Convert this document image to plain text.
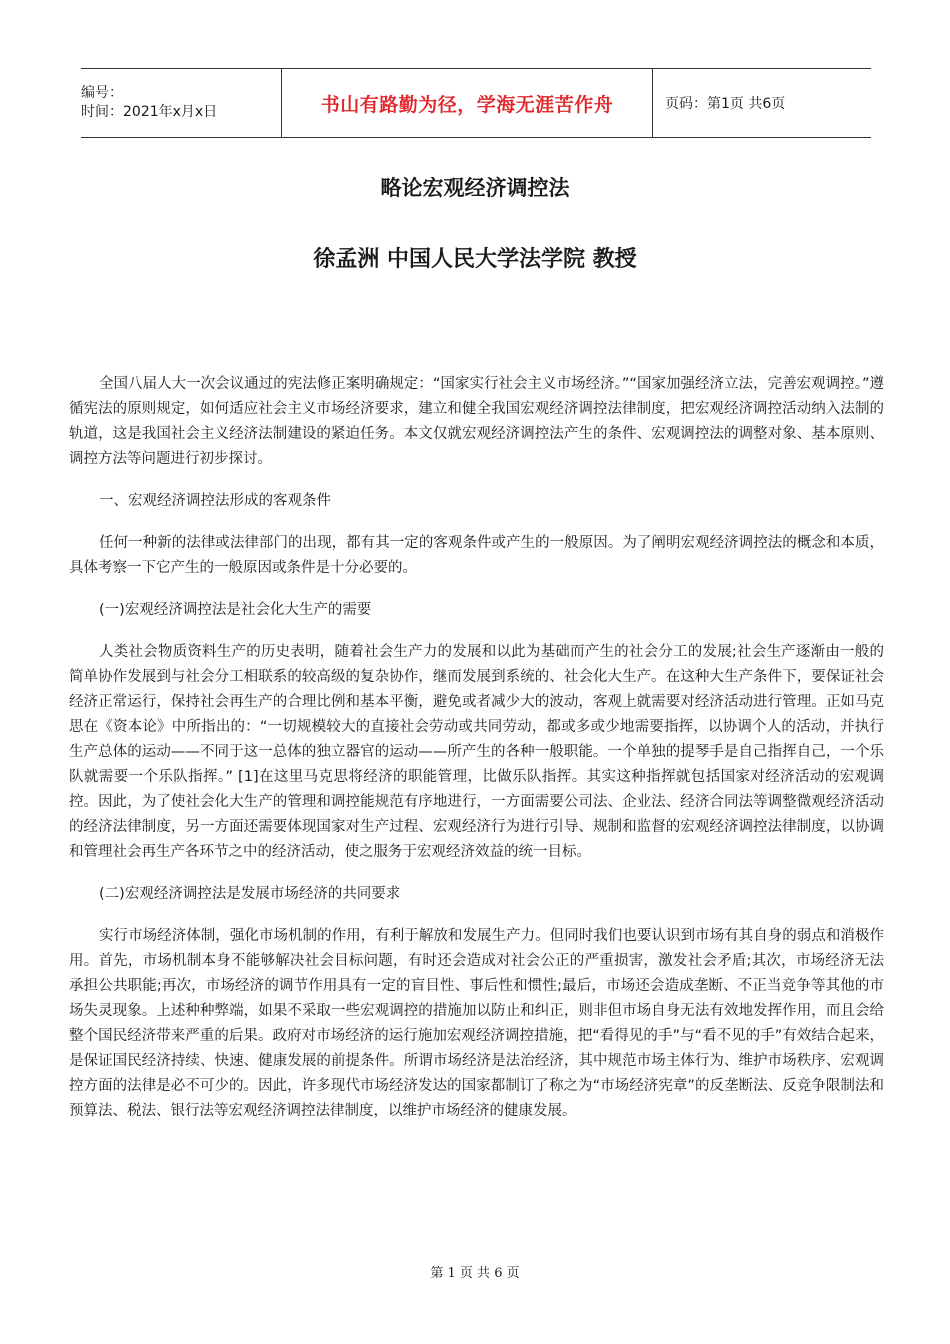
编号：
时间：2021年x月x日	书山有路勤为径，学海无涯苦作舟	页码：第1页 共6页
略论宏观经济调控法
徐孟洲 中国人民大学法学院 教授

全国八届人大一次会议通过的宪法修正案明确规定：“国家实行社会主义市场经济。”“国家加强经济立法，完善宏观调控。”遵循宪法的原则规定，如何适应社会主义市场经济要求，建立和健全我国宏观经济调控法律制度，把宏观经济调控活动纳入法制的轨道，这是我国社会主义经济法制建设的紧迫任务。本文仅就宏观经济调控法产生的条件、宏观调控法的调整对象、基本原则、调控方法等问题进行初步探讨。

一、宏观经济调控法形成的客观条件

任何一种新的法律或法律部门的出现，都有其一定的客观条件或产生的一般原因。为了阐明宏观经济调控法的概念和本质，具体考察一下它产生的一般原因或条件是十分必要的。

(一)宏观经济调控法是社会化大生产的需要

人类社会物质资料生产的历史表明，随着社会生产力的发展和以此为基础而产生的社会分工的发展;社会生产逐渐由一般的简单协作发展到与社会分工相联系的较高级的复杂协作，继而发展到系统的、社会化大生产。在这种大生产条件下，要保证社会经济正常运行，保持社会再生产的合理比例和基本平衡，避免或者减少大的波动，客观上就需要对经济活动进行管理。正如马克思在《资本论》中所指出的：“一切规模较大的直接社会劳动或共同劳动，都或多或少地需要指挥，以协调个人的活动，并执行生产总体的运动——不同于这一总体的独立器官的运动——所产生的各种一般职能。一个单独的提琴手是自己指挥自己，一个乐队就需要一个乐队指挥。” [1]在这里马克思将经济的职能管理，比做乐队指挥。其实这种指挥就包括国家对经济活动的宏观调控。因此，为了使社会化大生产的管理和调控能规范有序地进行，一方面需要公司法、企业法、经济合同法等调整微观经济活动的经济法律制度，另一方面还需要体现国家对生产过程、宏观经济行为进行引导、规制和监督的宏观经济调控法律制度，以协调和管理社会再生产各环节之中的经济活动，使之服务于宏观经济效益的统一目标。

(二)宏观经济调控法是发展市场经济的共同要求

实行市场经济体制，强化市场机制的作用，有利于解放和发展生产力。但同时我们也要认识到市场有其自身的弱点和消极作用。首先，市场机制本身不能够解决社会目标问题，有时还会造成对社会公正的严重损害，激发社会矛盾;其次，市场经济无法承担公共职能;再次，市场经济的调节作用具有一定的盲目性、事后性和惯性;最后，市场还会造成垄断、不正当竞争等其他的市场失灵现象。上述种种弊端，如果不采取一些宏观调控的措施加以防止和纠正，则非但市场自身无法有效地发挥作用，而且会给整个国民经济带来严重的后果。政府对市场经济的运行施加宏观经济调控措施，把“看得见的手”与“看不见的手”有效结合起来，是保证国民经济持续、快速、健康发展的前提条件。所谓市场经济是法治经济，其中规范市场主体行为、维护市场秩序、宏观调控方面的法律是必不可少的。因此，许多现代市场经济发达的国家都制订了称之为“市场经济宪章”的反垄断法、反竞争限制法和预算法、税法、银行法等宏观经济调控法律制度，以维护市场经济的健康发展。

第 1 页 共 6 页
